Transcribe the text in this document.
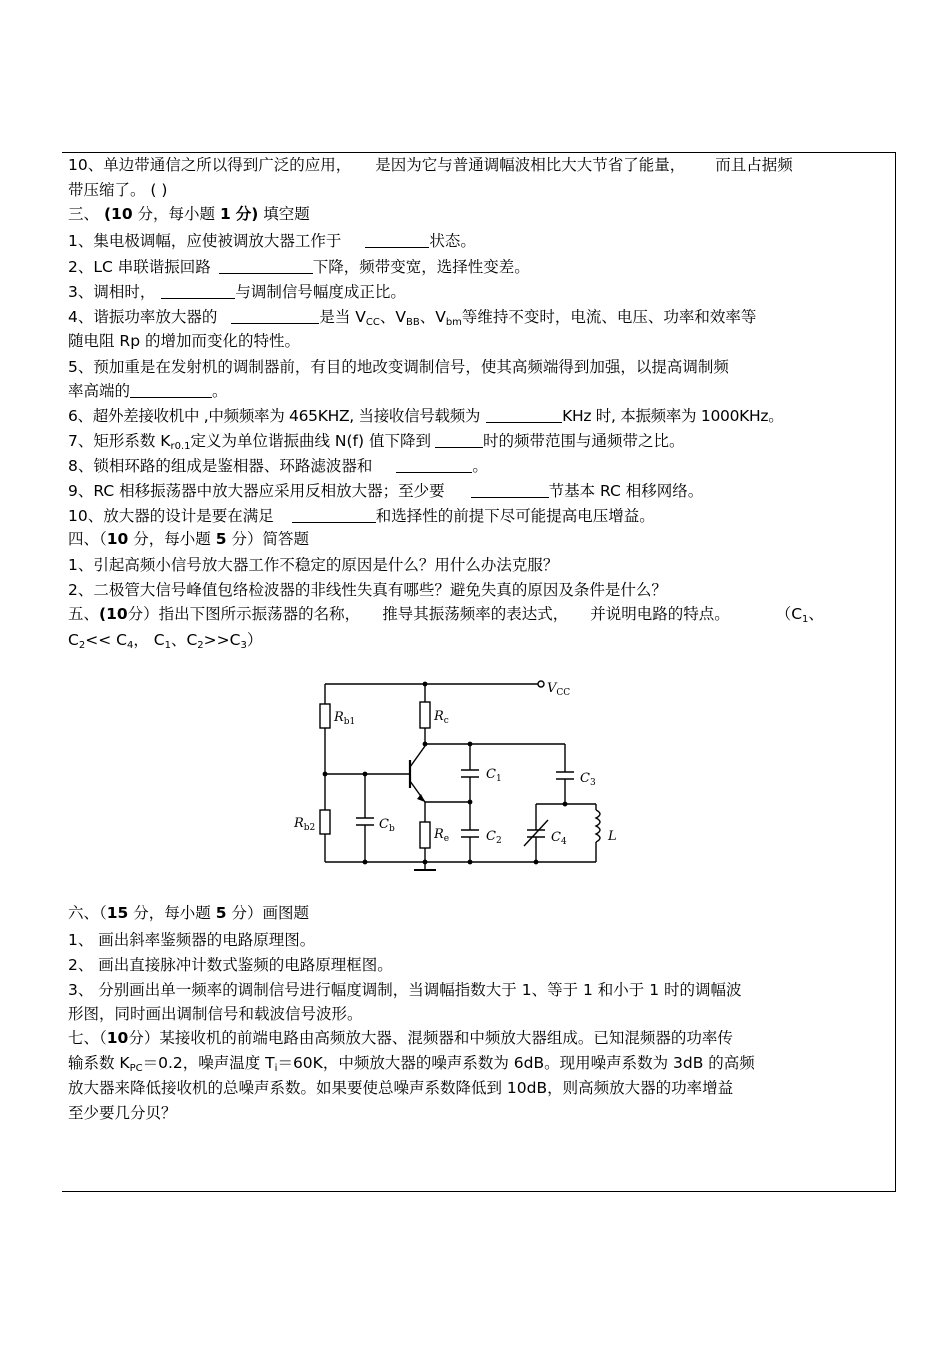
10、单边带通信之所以得到广泛的应用， 是因为它与普通调幅波相比大大节省了能量， 而且占据频
带压缩了。 ( )
三、 (10 分，每小题 1 分) 填空题
1、集电极调幅，应使被调放大器工作于	状态。
2、LC 串联谐振回路	下降，频带变宽，选择性变差。
3、调相时，	与调制信号幅度成正比。
4、谐振功率放大器的	是当 $V_{CC}$、$V_{BB}$、$V_{bm}$等维持不变时，电流、电压、功率和效率等
随电阻 Rp 的增加而变化的特性。
5、预加重是在发射机的调制器前，有目的地改变调制信号，使其高频端得到加强，以提高调制频
率高端的	。
6、超外差接收机中 ,中频频率为 465KHZ, 当接收信号载频为	KHz 时, 本振频率为 1000KHz。
7、矩形系数 $K_{r0.1}$定义为单位谐振曲线 N(f) 值下降到	时的频带范围与通频带之比。
8、锁相环路的组成是鉴相器、环路滤波器和	。
9、RC 相移振荡器中放大器应采用反相放大器；至少要	节基本 RC 相移网络。
10、放大器的设计是要在满足	和选择性的前提下尽可能提高电压增益。
四、（10 分，每小题 5 分）简答题
1、引起高频小信号放大器工作不稳定的原因是什么？用什么办法克服？
2、二极管大信号峰值包络检波器的非线性失真有哪些？避免失真的原因及条件是什么？
五、(10分）指出下图所示振荡器的名称， 推导其振荡频率的表达式， 并说明电路的特点。	（$C_1$、
$C_2<< C_4$， $C_1$、$C_2>>C_3$）
$V_{CC}$
$R_{b1}$
$R_{b2}$
$R_c$
$R_e$
$C_b$
$C_1$
$C_2$
$C_3$
$C_4$	L
六、（15 分，每小题 5 分）画图题
1、 画出斜率鉴频器的电路原理图。
2、 画出直接脉冲计数式鉴频的电路原理框图。
3、 分别画出单一频率的调制信号进行幅度调制，当调幅指数大于 1、等于 1 和小于 1 时的调幅波
形图，同时画出调制信号和载波信号波形。
七、（10分）某接收机的前端电路由高频放大器、混频器和中频放大器组成。已知混频器的功率传
输系数 $K_{PC}=0.2$，噪声温度 $T_i=60K$，中频放大器的噪声系数为 6dB。现用噪声系数为 3dB 的高频
放大器来降低接收机的总噪声系数。如果要使总噪声系数降低到 10dB，则高频放大器的功率增益
至少要几分贝？
